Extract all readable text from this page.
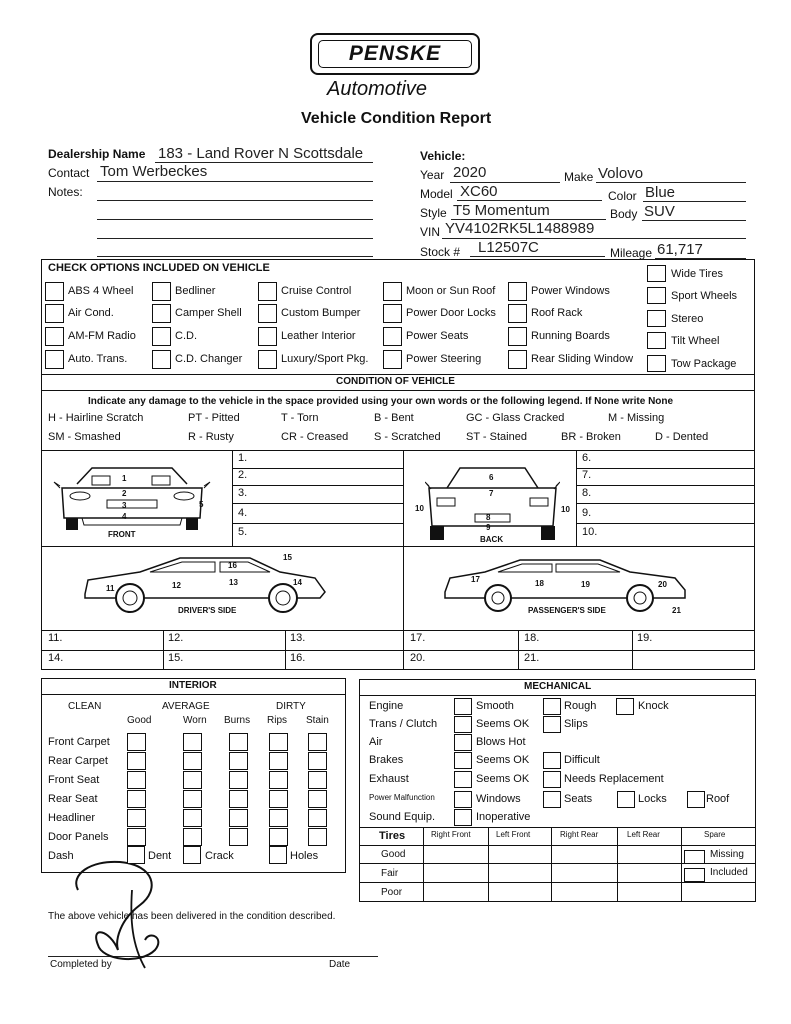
PENSKE
Automotive
Vehicle Condition Report
Dealership Name 183 - Land Rover N Scottsdale
Contact Tom Werbeckes
Notes:
Vehicle:
Year 2020	Make Volovo
Model XC60	Color Blue
Style T5 Momentum	Body SUV
VIN YV4102RK5L1488989
Stock # L12507C	Mileage 61,717
CHECK OPTIONS INCLUDED ON VEHICLE
CONDITION OF VEHICLE
Indicate any damage to the vehicle in the space provided using your own words or the following legend. If None write None
FRONT
BACK
DRIVER'S SIDE	PASSENGER'S SIDE
INTERIOR
CLEAN	AVERAGE	DIRTY
Good	Worn Burns Rips Stain
MECHANICAL
The above vehicle has been delivered in the condition described.
Completed by	Date
ABS 4 Wheel
Air Cond.
AM-FM Radio
Auto. Trans.
Bedliner
Camper Shell
C.D.
C.D. Changer
Cruise Control
Custom Bumper
Leather Interior
Luxury/Sport Pkg.
Moon or Sun Roof
Power Door Locks
Power Seats
Power Steering
Power Windows
Roof Rack
Running Boards
Rear Sliding Window
Wide Tires
Sport Wheels
Stereo
Tilt Wheel
Tow Package
H - Hairline Scratch	PT - Pitted	T - Torn	B - Bent	GC - Glass Cracked	M - Missing
SM - Smashed	R - Rusty	CR - Creased S - Scratched ST - Stained	BR - Broken	D - Dented
1.
2.
3.
4.
5.
6.
7.
8.
9.
10.
1
2
3
4
5
6
7
8
9
10	10
11	12	13	14
15
16
17	18	19	20
21
11.	12.	13.	17.	18.	19.
14.	15.	16.	20.	21.
Front Carpet
Rear Carpet
Front Seat
Rear Seat
Headliner
Door Panels
Dash	Dent	Crack	Holes
Engine	Smooth	Rough	Knock
Trans / Clutch	Seems OK	Slips
Air	Blows Hot
Brakes	Seems OK	Difficult
Exhaust	Seems OK	Needs Replacement
Power Malfunction	Windows	Seats	Locks	Roof
Sound Equip.	Inoperative
Tires	Right Front	Left Front	Right Rear	Left Rear	Spare
Good
Fair
Poor
Missing
Included
